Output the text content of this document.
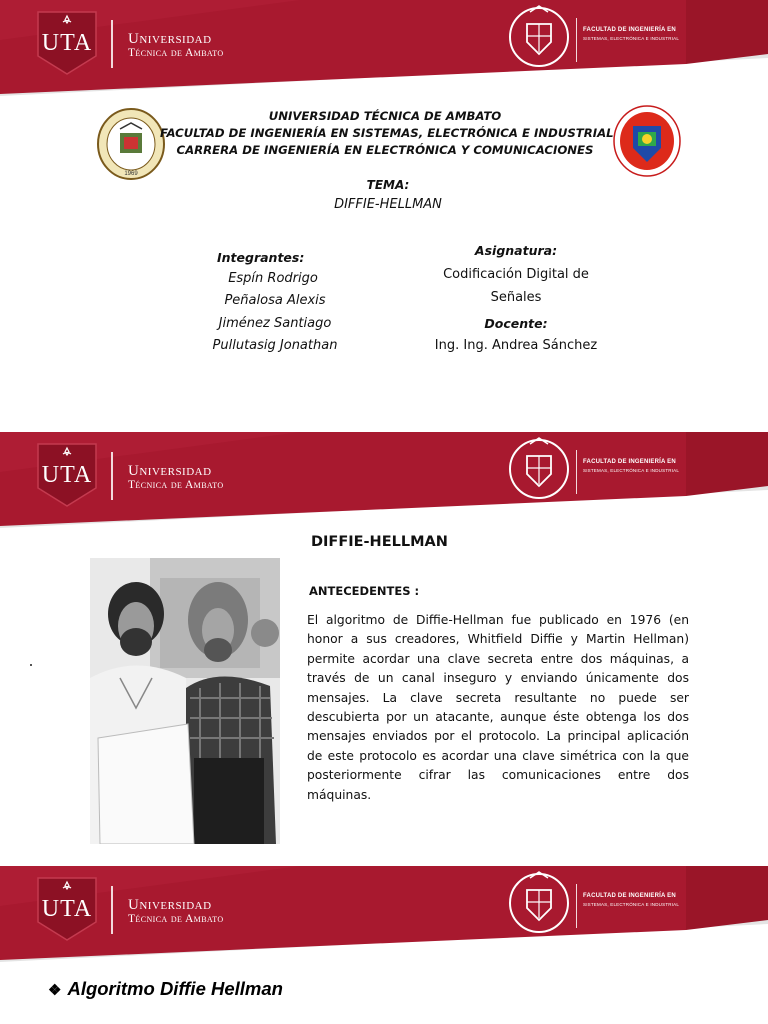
UTA Universidad
Técnica de Ambato
FACULTAD DE INGENIERÍA EN
SISTEMAS, ELECTRÓNICA E INDUSTRIAL
1969
UNIVERSIDAD TÉCNICA DE AMBATO
FACULTAD DE INGENIERÍA EN SISTEMAS, ELECTRÓNICA E INDUSTRIAL
CARRERA DE INGENIERÍA EN ELECTRÓNICA Y COMUNICACIONES
TEMA:
DIFFIE-HELLMAN
Integrantes:
Espín Rodrigo
Peñalosa Alexis
Jiménez Santiago
Pullutasig Jonathan
Asignatura:
Codificación Digital de Señales
Docente:
Ing. Ing. Andrea Sánchez
UTA Universidad
Técnica de Ambato
FACULTAD DE INGENIERÍA EN
SISTEMAS, ELECTRÓNICA E INDUSTRIAL
DIFFIE-HELLMAN
ANTECEDENTES :
El algoritmo de Diffie-Hellman fue publicado en 1976 (en honor a sus creadores, Whitfield Diffie y Martin Hellman) permite acordar una clave secreta entre dos máquinas, a través de un canal inseguro y enviando únicamente dos mensajes. La clave secreta resultante no puede ser descubierta por un atacante, aunque éste obtenga los dos mensajes enviados por el protocolo. La principal aplicación de este protocolo es acordar una clave simétrica con la que posteriormente cifrar las comunicaciones entre dos máquinas.
UTA Universidad
Técnica de Ambato
FACULTAD DE INGENIERÍA EN
SISTEMAS, ELECTRÓNICA E INDUSTRIAL
❖ Algoritmo Diffie Hellman
